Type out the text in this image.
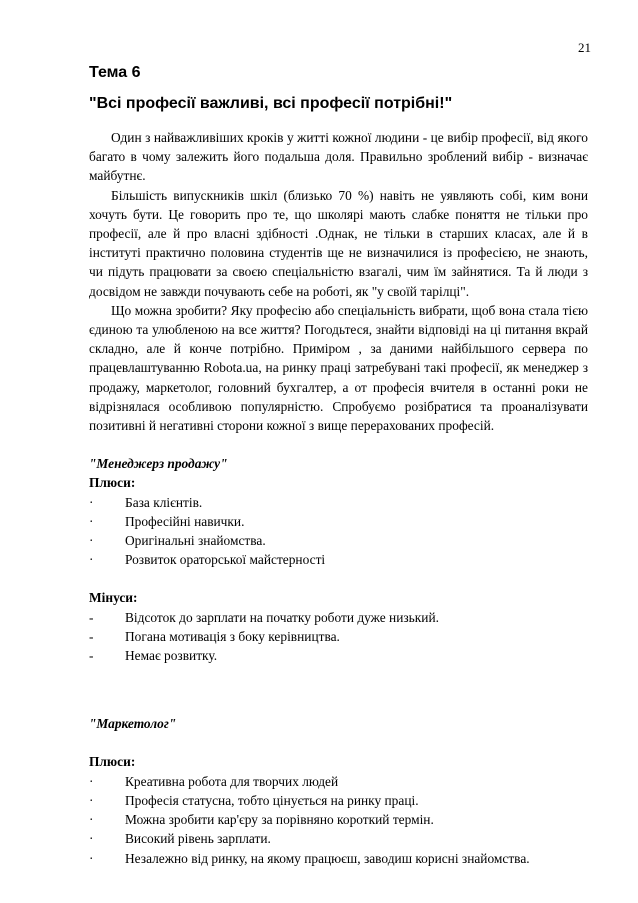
21
Тема 6
"Всі професії важливі, всі професії потрібні!"

Один з найважливіших кроків у житті кожної людини - це вибір професії, від якого багато в чому залежить його подальша доля. Правильно зроблений вибір - визначає майбутнє.

Більшість випускників шкіл (близько 70 %) навіть не уявляють собі, ким вони хочуть бути. Це говорить про те, що школярі мають слабке поняття не тільки про професії, але й про власні здібності .Однак, не тільки в старших класах, але й в інституті практично половина студентів ще не визначилися із професією, не знають, чи підуть працювати за своєю спеціальністю взагалі, чим їм зайнятися. Та й люди з досвідом не завжди почувають себе на роботі, як "у своїй тарілці".

Що можна зробити? Яку професію або спеціальність вибрати, щоб вона стала тією єдиною та улюбленою на все життя? Погодьтеся, знайти відповіді на ці питання вкрай складно, але й конче потрібно. Приміром , за даними найбільшого сервера по працевлаштуванню Robota.ua, на ринку праці затребувані такі професії, як менеджер з продажу, маркетолог, головний бухгалтер, а от професія вчителя в останні роки не відрізнялася особливою популярністю. Спробуємо розібратися та проаналізувати позитивні й негативні сторони кожної з вище перерахованих професій.

"Менеджерз продажу"
Плюси:
·	База клієнтів.
·	Професійні навички.
·	Оригінальні знайомства.
·	Розвиток ораторської майстерності
Мінуси:
-	Відсоток до зарплати на початку роботи дуже низький.
-	Погана мотивація з боку керівництва.
-	Немає розвитку.
"Маркетолог"
Плюси:
·	Креативна робота для творчих людей
·	Професія статусна, тобто цінується на ринку праці.
·	Можна зробити кар'єру за порівняно короткий термін.
·	Високий рівень зарплати.
·	Незалежно від ринку, на якому працюєш, заводиш корисні знайомства.
